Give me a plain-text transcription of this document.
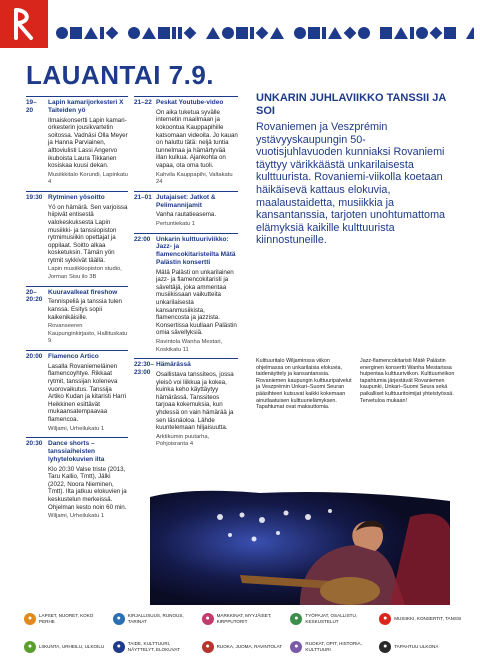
LAUANTAI 7.9.
19–
20
Lapin kamarijorkesteri X Taiteiden yö
Ilmaiskonsertti Lapin kamari-orkesterin jousikvartetin soitossa. Vadnäsi Olla Meyer ja Hanna Parviainen, alttoviulisti Lassi Angervo ikuboista Laura Tikkanen kosiskaa kuusi dekan.
Musiikkitalo Korundi, Lapinkatu 4
19:30 Rytminen yösoitto
Yö on hämärä. Sen varjoissa hiipivät entisestä valokeskuksesta Lapin musiikki- ja tanssiopiston rytmimusiikin opettajat ja oppilaat. Soitto alkaa kosketuksin. Tämän yön rytmit sykkivät täällä.
Lapin musiikkiopiston studio, Jorman Sisu ilo 3B
20–
20:20
Kuuravalkeat fireshow
Tennispeliä ja tanssia tulen kanssa. Esitys sopii kaikenikäisille.
Rovanseeren Kaupunginkirjasto, Hallituskatu 9
20:00 Flamenco Artico
Lasalla Rovaniemeläinen flamencoyhtye. Rikkaat rytmit, tanssijan koleneva vuorovaikutus. Tanssija Artiko Kudan ja kitaristi Harri Heikkinen esittävät mukaansatempaavaa flamencoa.
Wiljami, Urheilukatu 1
20:30 Dance shorts – tanssiaiheisten lyhytelokuvien ilta
Klo 20:30 Valse triste (2013, Taru Kallio, Tmtt), Jälki (2022, Noora Nieminen, Tmtt). Ilta jatkuu elokuvien ja keskustelun merkeissä. Ohjelman kesto noin 60 min.
Wiljami, Urheilukatu 1
21–22 Peskat Youtube-video
On aika tuketua syvälle internetin maailmaan ja kokoontua Kauppapihille katsomaan videoita. Jo kauan on haluttu tätä: neljä tuntia tunnelmaa ja hämärtyvää illan kulkua. Ajankohta on vapaa, ota oma tuoli.
Kahvila Kauppapihi, Valtakatu 24
21–01 Jutajaiset: Jatkot & Pelimannijamit
Vanha rautatieasema.
Pertuntiekatu 1
22:00 Unkarin kulttuuriviikko: Jazz- ja flamencokitaristeilta Mätä Palästin konsertti
Mätä Palästi on unkarilainen jazz- ja flamencokitaristi ja säveltäjä, joka ammentaa musiikissaan vaikutteita unkarilaisesta kansanmusiikista, flamencosta ja jazzista. Konsertissa kuullaan Palästin omia sävellyksiä.
Ravintola Wanha Mestari, Koskikatu 11
22:30–
23:00
Hämärässä
Osallistava tanssiteos, jossa yleisö voi liikkua ja kokea, kuinka keho käyttäytyy hämärässä. Tanssiteos tarjoaa kokemuksia, kun yhdessä on vain hämärää ja sen läsnäoloa. Lähde kuuntelemaan hiljaisuutta.
Arktikumin puutarha, Pohjoisranta 4
UNKARIN JUHLAVIIKKO TANSSII JA SOI

Rovaniemen ja Veszprémin ystävyyskaupungin 50-vuotisjuhlavuoden kunniaksi Rovaniemi täyttyy värikkäästä unkarilaisesta kulttuurista. Rovaniemi-viikolla koetaan häikäisevä kattaus elokuvia, maalaustaidetta, musiikkia ja kansantanssia, tarjoten unohtumattoma elämyksiä kaikille kulttuurista kiinnostuneille.

Kulttuuritalo Wiljaminssa viikon ohjelmassa on unkarilaisia elokuvia, taidenäyttely ja kansantanssia. Rovaniemen kaupungin kulttuuripalvelut ja Veszprémin Unkari–Suomi Seuran pääsihteeri kutsuvat kaikki kokemaan ainutlaatuisen kulttuurielämyksen. Tapahtumat ovat maksuttomia.

Jazz-flamencokitaristi Mátě Palästin energinen konsertti Wanha Mestarissa huipentaa kulttuuriviikon. Kulttuuriviikon tapahtumia järjestävät Rovaniemen kaupunki, Unkari–Suomi Seura sekä paikalliset kulttuuritoimijat yhteistyössä. Tervetuloa mukaan!

●	LAPSET, NUORET, KOKO PERHE	●	KIRJALLISUUS, RUNOUS, TARINAT	●	MARKKINAT, MYYJÄISET, KIRPPUTORIT	●	TYÖPAJAT, OSALLISTU, KESKUSTELUT	●	MUSIIKKI, KONSERTIT, TANSSI
●	LIIKUNTA, URHEILU, ULKOILU	●	TAIDE, KULTTUURI, NÄYTTELYT, ELOKUVAT	●	RUOKA, JUOMA, RAVINTOLAT	●	RUOKAT, OPIT, HISTORIA, KULTTUURI	●	TAPAHTUU ULKONA
